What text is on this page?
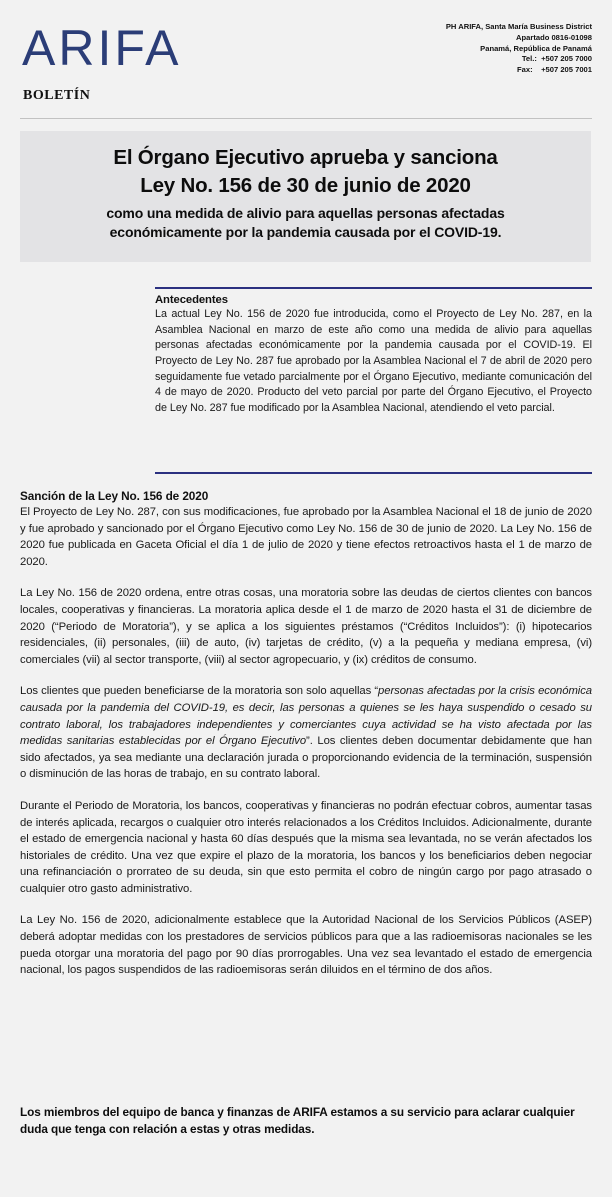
ARIFA
BOLETÍN
PH ARIFA, Santa María Business District
Apartado 0816-01098
Panamá, República de Panamá
Tel.:  +507 205 7000
Fax:    +507 205 7001
El Órgano Ejecutivo aprueba y sanciona
Ley No. 156 de 30 de junio de 2020
como una medida de alivio para aquellas personas afectadas
económicamente por la pandemia causada por el COVID-19.
Antecedentes

La actual Ley No. 156 de 2020 fue introducida, como el Proyecto de Ley No. 287, en la Asamblea Nacional en marzo de este año como una medida de alivio para aquellas personas afectadas económicamente por la pandemia causada por el COVID-19. El Proyecto de Ley No. 287 fue aprobado por la Asamblea Nacional el 7 de abril de 2020 pero seguidamente fue vetado parcialmente por el Órgano Ejecutivo, mediante comunicación del 4 de mayo de 2020. Producto del veto parcial por parte del Órgano Ejecutivo, el Proyecto de Ley No. 287 fue modificado por la Asamblea Nacional, atendiendo el veto parcial.

Sanción de la Ley No. 156 de 2020

El Proyecto de Ley No. 287, con sus modificaciones, fue aprobado por la Asamblea Nacional el 18 de junio de 2020 y fue aprobado y sancionado por el Órgano Ejecutivo como Ley No. 156 de 30 de junio de 2020. La Ley No. 156 de 2020 fue publicada en Gaceta Oficial el día 1 de julio de 2020 y tiene efectos retroactivos hasta el 1 de marzo de 2020.

La Ley No. 156 de 2020 ordena, entre otras cosas, una moratoria sobre las deudas de ciertos clientes con bancos locales, cooperativas y financieras. La moratoria aplica desde el 1 de marzo de 2020 hasta el 31 de diciembre de 2020 (“Periodo de Moratoria”), y se aplica a los siguientes préstamos (“Créditos Incluidos”): (i) hipotecarios residenciales, (ii) personales, (iii) de auto, (iv) tarjetas de crédito, (v) a la pequeña y mediana empresa, (vi) comerciales (vii) al sector transporte, (viii) al sector agropecuario, y (ix) créditos de consumo.

Los clientes que pueden beneficiarse de la moratoria son solo aquellas “personas afectadas por la crisis económica causada por la pandemia del COVID-19, es decir, las personas a quienes se les haya suspendido o cesado su contrato laboral, los trabajadores independientes y comerciantes cuya actividad se ha visto afectada por las medidas sanitarias establecidas por el Órgano Ejecutivo”. Los clientes deben documentar debidamente que han sido afectados, ya sea mediante una declaración jurada o proporcionando evidencia de la terminación, suspensión o disminución de las horas de trabajo, en su contrato laboral.

Durante el Periodo de Moratoria, los bancos, cooperativas y financieras no podrán efectuar cobros, aumentar tasas de interés aplicada, recargos o cualquier otro interés relacionados a los Créditos Incluidos. Adicionalmente, durante el estado de emergencia nacional y hasta 60 días después que la misma sea levantada, no se verán afectados los historiales de crédito. Una vez que expire el plazo de la moratoria, los bancos y los beneficiarios deben negociar una refinanciación o prorrateo de su deuda, sin que esto permita el cobro de ningún cargo por pago atrasado o cualquier otro gasto administrativo.

La Ley No. 156 de 2020, adicionalmente establece que la Autoridad Nacional de los Servicios Públicos (ASEP) deberá adoptar medidas con los prestadores de servicios públicos para que a las radioemisoras nacionales se les pueda otorgar una moratoria del pago por 90 días prorrogables. Una vez sea levantado el estado de emergencia nacional, los pagos suspendidos de las radioemisoras serán diluidos en el término de dos años.

Los miembros del equipo de banca y finanzas de ARIFA estamos a su servicio para aclarar cualquier duda que tenga con relación a estas y otras medidas.
